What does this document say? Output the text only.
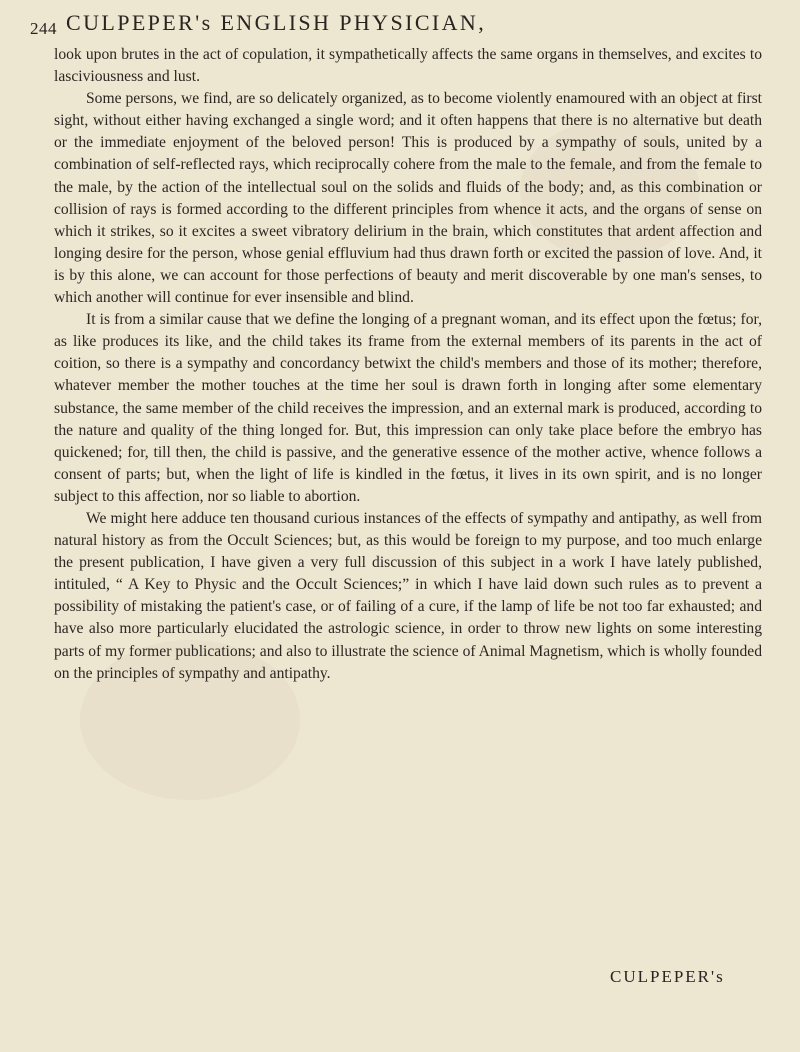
244 CULPEPER's ENGLISH PHYSICIAN,

look upon brutes in the act of copulation, it sympathetically affects the same organs in themselves, and excites to lasciviousness and lust.

Some persons, we find, are so delicately organized, as to become violently enamoured with an object at first sight, without either having exchanged a single word; and it often happens that there is no alternative but death or the immediate enjoyment of the beloved person! This is produced by a sympathy of souls, united by a combination of self-reflected rays, which reciprocally cohere from the male to the female, and from the female to the male, by the action of the intellectual soul on the solids and fluids of the body; and, as this combination or collision of rays is formed according to the different principles from whence it acts, and the organs of sense on which it strikes, so it excites a sweet vibratory delirium in the brain, which constitutes that ardent affection and longing desire for the person, whose genial effluvium had thus drawn forth or excited the passion of love. And, it is by this alone, we can account for those perfections of beauty and merit discoverable by one man's senses, to which another will continue for ever insensible and blind.

It is from a similar cause that we define the longing of a pregnant woman, and its effect upon the fœtus; for, as like produces its like, and the child takes its frame from the external members of its parents in the act of coition, so there is a sympathy and concordancy betwixt the child's members and those of its mother; therefore, whatever member the mother touches at the time her soul is drawn forth in longing after some elementary substance, the same member of the child receives the impression, and an external mark is produced, according to the nature and quality of the thing longed for. But, this impression can only take place before the embryo has quickened; for, till then, the child is passive, and the generative essence of the mother active, whence follows a consent of parts; but, when the light of life is kindled in the fœtus, it lives in its own spirit, and is no longer subject to this affection, nor so liable to abortion.

We might here adduce ten thousand curious instances of the effects of sympathy and antipathy, as well from natural history as from the Occult Sciences; but, as this would be foreign to my purpose, and too much enlarge the present publication, I have given a very full discussion of this subject in a work I have lately published, intituled, “ A Key to Physic and the Occult Sciences;” in which I have laid down such rules as to prevent a possibility of mistaking the patient's case, or of failing of a cure, if the lamp of life be not too far exhausted; and have also more particularly elucidated the astrologic science, in order to throw new lights on some interesting parts of my former publications; and also to illustrate the science of Animal Magnetism, which is wholly founded on the principles of sympathy and antipathy.

CULPEPER's
